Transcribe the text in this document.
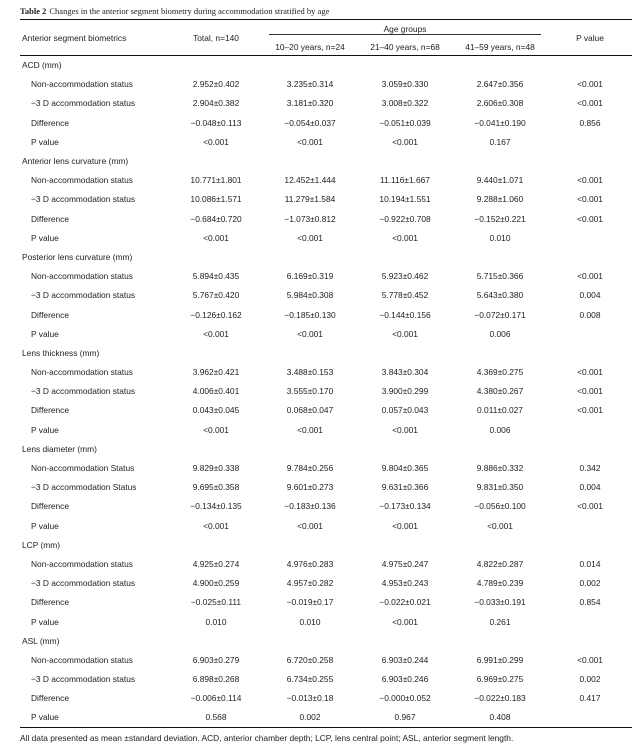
Table 2 Changes in the anterior segment biometry during accommodation stratified by age
Anterior segment biometrics	Total, n=140	Age groups			P value
		10–20 years, n=24	21–40 years, n=68	41–59 years, n=48	
ACD (mm)					
Non-accommodation status	2.952±0.402	3.235±0.314	3.059±0.330	2.647±0.356	<0.001
−3 D accommodation status	2.904±0.382	3.181±0.320	3.008±0.322	2.606±0.308	<0.001
Difference	−0.048±0.113	−0.054±0.037	−0.051±0.039	−0.041±0.190	0.856
P value	<0.001	<0.001	<0.001	0.167	
Anterior lens curvature (mm)					
Non-accommodation status	10.771±1.801	12.452±1.444	11.116±1.667	9.440±1.071	<0.001
−3 D accommodation status	10.086±1.571	11.279±1.584	10.194±1.551	9.288±1.060	<0.001
Difference	−0.684±0.720	−1.073±0.812	−0.922±0.708	−0.152±0.221	<0.001
P value	<0.001	<0.001	<0.001	0.010	
Posterior lens curvature (mm)					
Non-accommodation status	5.894±0.435	6.169±0.319	5.923±0.462	5.715±0.366	<0.001
−3 D accommodation status	5.767±0.420	5.984±0.308	5.778±0.452	5.643±0.380	0.004
Difference	−0.126±0.162	−0.185±0.130	−0.144±0.156	−0.072±0.171	0.008
P value	<0.001	<0.001	<0.001	0.006	
Lens thickness (mm)					
Non-accommodation status	3.962±0.421	3.488±0.153	3.843±0.304	4.369±0.275	<0.001
−3 D accommodation status	4.006±0.401	3.555±0.170	3.900±0.299	4.380±0.267	<0.001
Difference	0.043±0.045	0.068±0.047	0.057±0.043	0.011±0.027	<0.001
P value	<0.001	<0.001	<0.001	0.006	
Lens diameter (mm)					
Non-accommodation Status	9.829±0.338	9.784±0.256	9.804±0.365	9.886±0.332	0.342
−3 D accommodation Status	9.695±0.358	9.601±0.273	9.631±0.366	9.831±0.350	0.004
Difference	−0.134±0.135	−0.183±0.136	−0.173±0.134	−0.056±0.100	<0.001
P value	<0.001	<0.001	<0.001	<0.001	
LCP (mm)					
Non-accommodation status	4.925±0.274	4.976±0.283	4.975±0.247	4.822±0.287	0.014
−3 D accommodation status	4.900±0.259	4.957±0.282	4.953±0.243	4.789±0.239	0.002
Difference	−0.025±0.111	−0.019±0.17	−0.022±0.021	−0.033±0.191	0.854
P value	0.010	0.010	<0.001	0.261	
ASL (mm)					
Non-accommodation status	6.903±0.279	6.720±0.258	6.903±0.244	6.991±0.299	<0.001
−3 D accommodation status	6.898±0.268	6.734±0.255	6.903±0.246	6.969±0.275	0.002
Difference	−0.006±0.114	−0.013±0.18	−0.000±0.052	−0.022±0.183	0.417
P value	0.568	0.002	0.967	0.408	
All data presented as mean ±standard deviation. ACD, anterior chamber depth; LCP, lens central point; ASL, anterior segment length.
